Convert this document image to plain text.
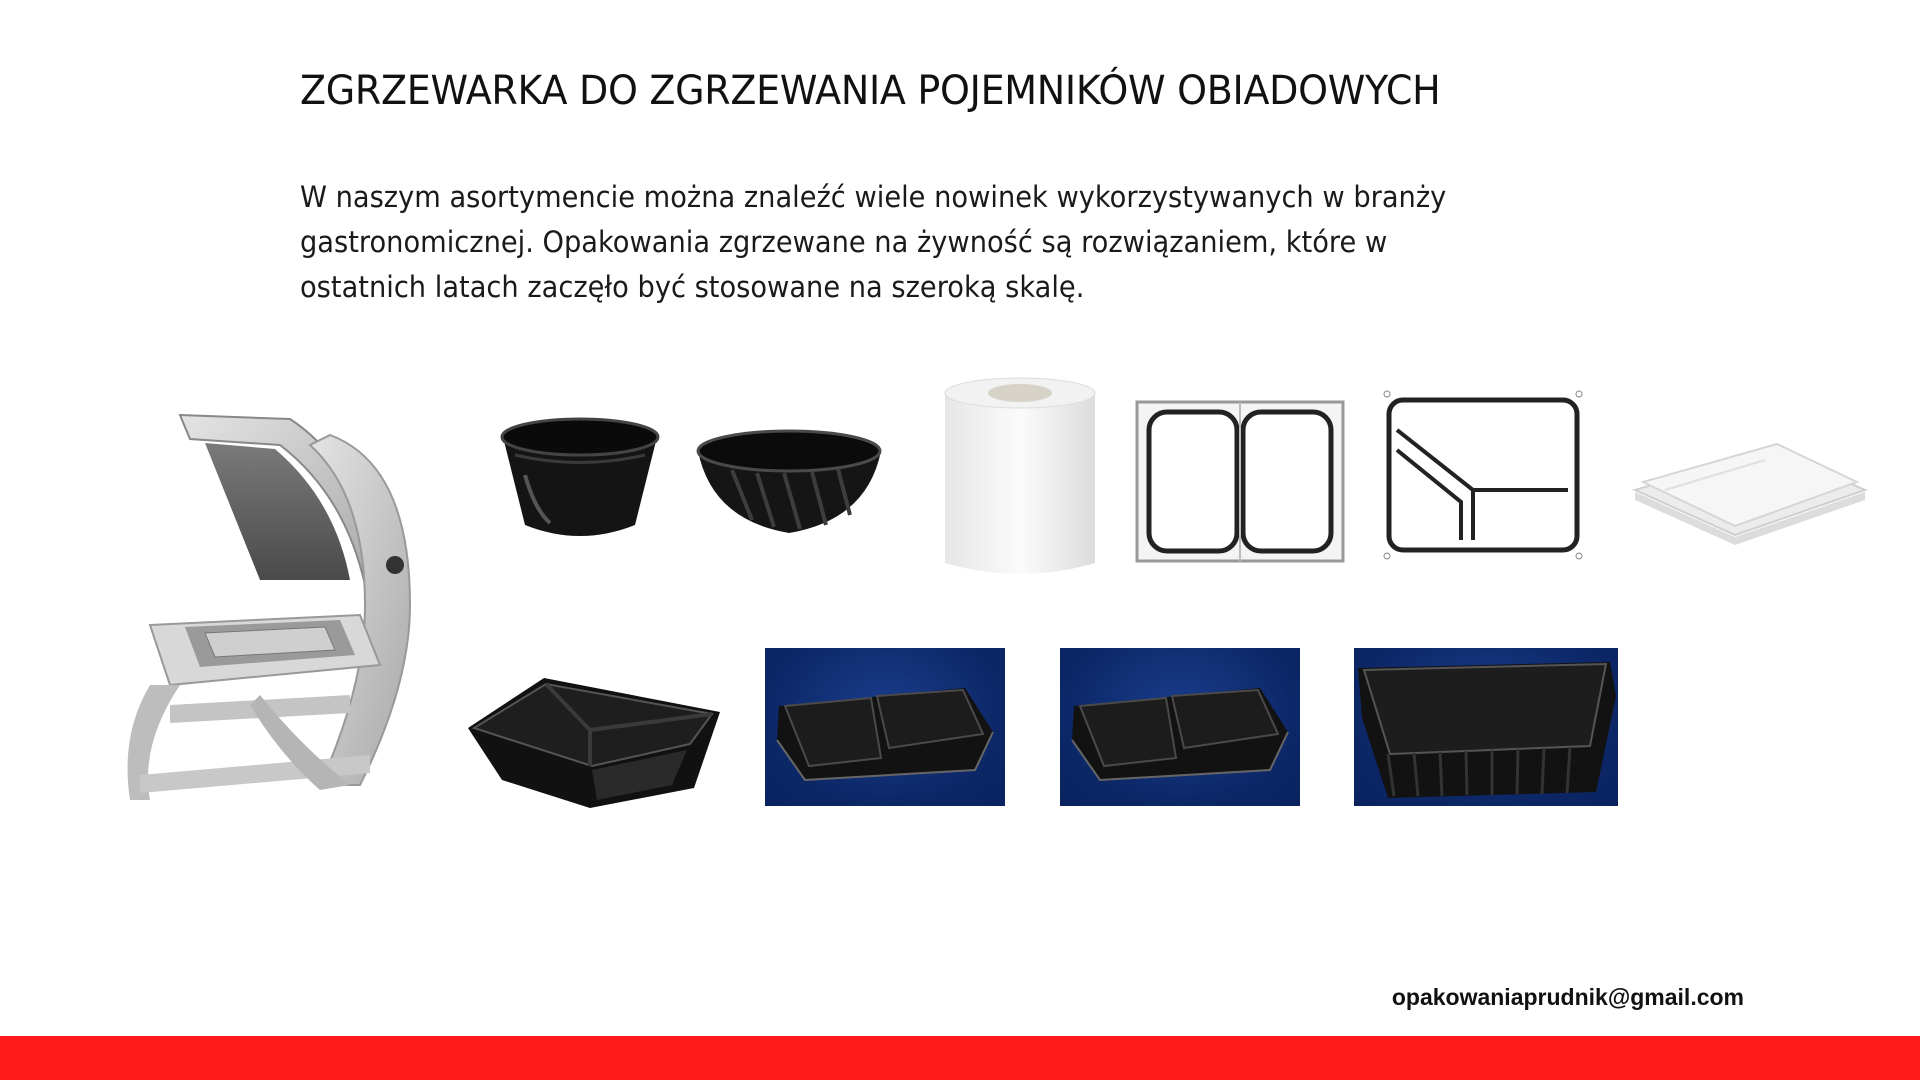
ZGRZEWARKA DO ZGRZEWANIA POJEMNIKÓW OBIADOWYCH

W naszym asortymencie można znaleźć wiele nowinek wykorzystywanych w branży

gastronomicznej. Opakowania zgrzewane na żywność są rozwiązaniem, które w

ostatnich latach zaczęło być stosowane na szeroką skalę.

opakowaniaprudnik@gmail.com
